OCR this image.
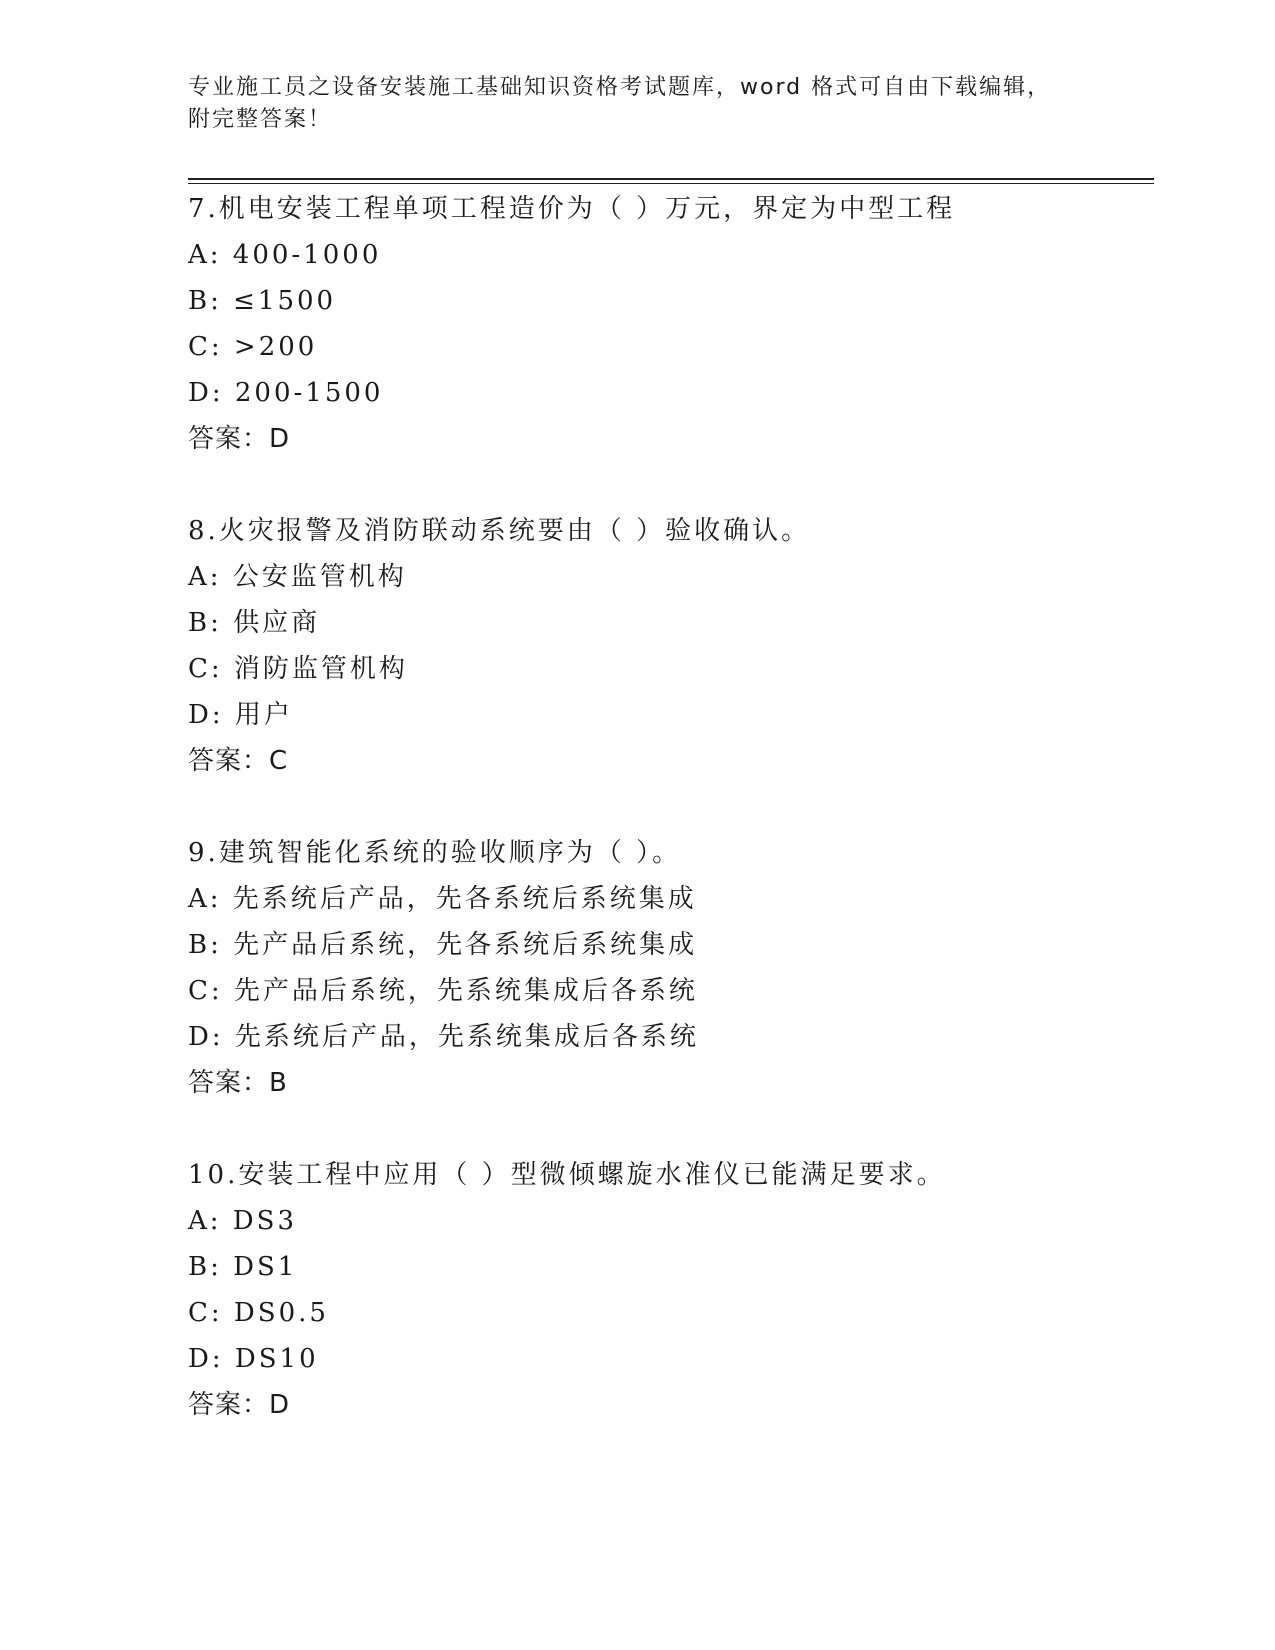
专业施工员之设备安装施工基础知识资格考试题库，word 格式可自由下载编辑，
附完整答案！
7.机电安装工程单项工程造价为（ ）万元，界定为中型工程
A: 400-1000
B: ≤1500
C: >200
D: 200-1500
答案：D
8.火灾报警及消防联动系统要由（ ）验收确认。
A: 公安监管机构
B: 供应商
C: 消防监管机构
D: 用户
答案：C
9.建筑智能化系统的验收顺序为（ ）。
A: 先系统后产品，先各系统后系统集成
B: 先产品后系统，先各系统后系统集成
C: 先产品后系统，先系统集成后各系统
D: 先系统后产品，先系统集成后各系统
答案：B
10.安装工程中应用（ ）型微倾螺旋水准仪已能满足要求。
A: DS3
B: DS1
C: DS0.5
D: DS10
答案：D
